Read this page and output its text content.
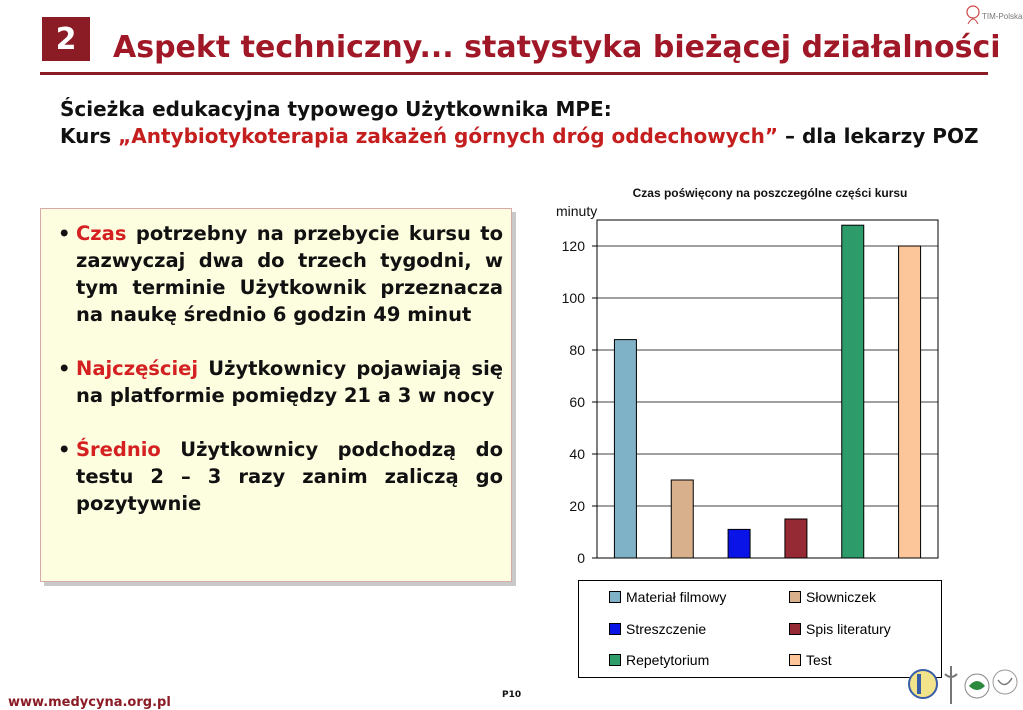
2 Aspekt techniczny... statystyka bieżącej działalności
TIM-Polska
Ścieżka edukacyjna typowego Użytkownika MPE:
Kurs „Antybiotykoterapia zakażeń górnych dróg oddechowych” – dla lekarzy POZ
• Czas potrzebny na przebycie kursu to zazwyczaj dwa do trzech tygodni, w tym terminie Użytkownik przeznacza na naukę średnio 6 godzin 49 minut
• Najczęściej Użytkownicy pojawiają się na platformie pomiędzy 21 a 3 w nocy
• Średnio Użytkownicy podchodzą do testu 2 – 3 razy zanim zaliczą go pozytywnie
Czas poświęcony na poszczególne części kursu
minuty
0
20
40
60
80
100
120
Materiał filmowy	Słowniczek
Streszczenie	Spis literatury
Repetytorium	Test
www.medycyna.org.pl	P10
